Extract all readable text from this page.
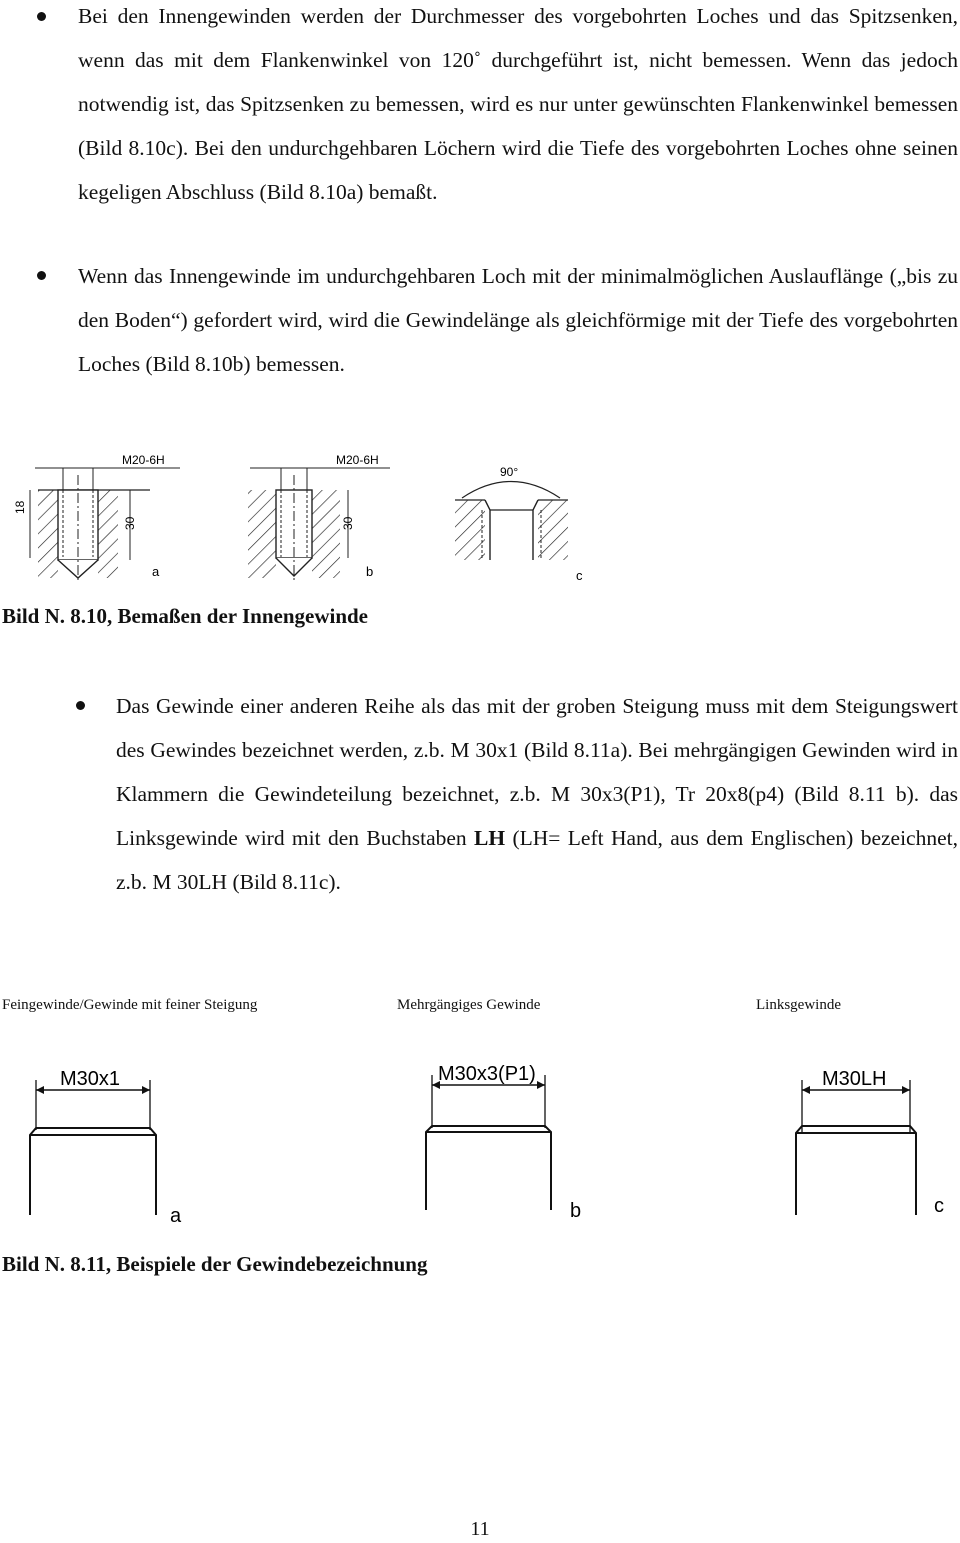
Bei den Innengewinden werden der Durchmesser des vorgebohrten Loches und das Spitzsenken, wenn das mit dem Flankenwinkel von 120˚ durchgeführt ist, nicht bemessen. Wenn das jedoch notwendig ist, das Spitzsenken zu bemessen, wird es nur unter gewünschten Flankenwinkel bemessen (Bild 8.10c). Bei den undurchgehbaren Löchern wird die Tiefe des vorgebohrten Loches ohne seinen kegeligen Abschluss (Bild 8.10a) bemaßt.
Wenn das Innengewinde im undurchgehbaren Loch mit der minimalmöglichen Auslauflänge („bis zu den Boden“) gefordert wird, wird die Gewindelänge als gleichförmige mit der Tiefe des vorgebohrten Loches (Bild 8.10b) bemessen.
M20-6H
18
30
a
M20-6H
30
b
90°
c
Bild N. 8.10, Bemaßen der Innengewinde
Das Gewinde einer anderen Reihe als das mit der groben Steigung muss mit dem Steigungswert des Gewindes bezeichnet werden, z.b. M 30x1 (Bild 8.11a). Bei mehrgängigen Gewinden wird in Klammern die Gewindeteilung bezeichnet, z.b. M 30x3(P1), Tr 20x8(p4) (Bild 8.11 b). das Linksgewinde wird mit den Buchstaben LH (LH= Left Hand, aus dem Englischen) bezeichnet, z.b. M 30LH (Bild 8.11c).
Feingewinde/Gewinde mit feiner Steigung	Mehrgängiges Gewinde	Linksgewinde
M30x1
a
M30x3(P1)
b
M30LH
c
Bild N. 8.11, Beispiele der Gewindebezeichnung
11
